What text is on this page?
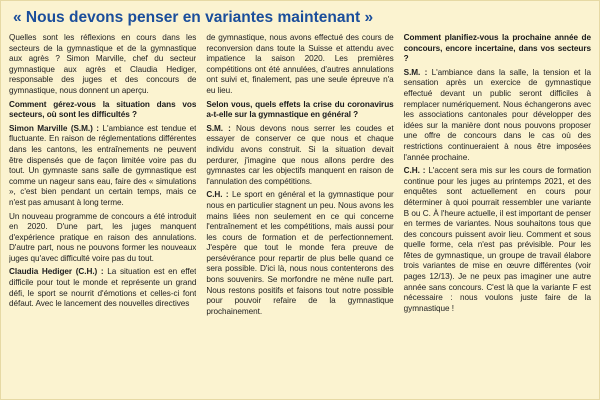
« Nous devons penser en variantes maintenant »

Quelles sont les réflexions en cours dans les secteurs de la gymnastique et de la gymnastique aux agrès ? Simon Marville, chef du secteur gymnastique aux agrès et Claudia Hediger, responsable des juges et des concours de gymnastique, nous donnent un aperçu.

Comment gérez-vous la situation dans vos secteurs, où sont les difficultés ?

Simon Marville (S.M.) : L'ambiance est tendue et fluctuante. En raison de réglementations différentes dans les cantons, les entraînements ne peuvent être dispensés que de façon limitée voire pas du tout. Un gymnaste sans salle de gymnastique est comme un nageur sans eau, faire des « simulations », c'est bien pendant un certain temps, mais ce n'est pas amusant à long terme.

Un nouveau programme de concours a été introduit en 2020. D'une part, les juges manquent d'expérience pratique en raison des annulations. D'autre part, nous ne pouvons former les nouveaux juges qu'avec difficulté voire pas du tout.

Claudia Hediger (C.H.) : La situation est en effet difficile pour tout le monde et représente un grand défi, le sport se nourrit d'émotions et celles-ci font défaut. Avec le lancement des nouvelles directives

de gymnastique, nous avons effectué des cours de reconversion dans toute la Suisse et attendu avec impatience la saison 2020. Les premières compétitions ont été annulées, d'autres annulations ont suivi et, finalement, pas une seule épreuve n'a eu lieu.

Selon vous, quels effets la crise du coronavirus a-t-elle sur la gymnastique en général ?

S.M. : Nous devons nous serrer les coudes et essayer de conserver ce que nous et chaque individu avons construit. Si la situation devait perdurer, j'imagine que nous allons perdre des gymnastes car les objectifs manquent en raison de l'annulation des compétitions.

C.H. : Le sport en général et la gymnastique pour nous en particulier stagnent un peu. Nous avons les mains liées non seulement en ce qui concerne l'entraînement et les compétitions, mais aussi pour les cours de formation et de perfectionnement. J'espère que tout le monde fera preuve de persévérance pour repartir de plus belle quand ce sera possible. D'ici là, nous nous contenterons des bons souvenirs. Se morfondre ne mène nulle part. Nous restons positifs et faisons tout notre possible pour pouvoir refaire de la gymnastique prochainement.

Comment planifiez-vous la prochaine année de concours, encore incertaine, dans vos secteurs ?

S.M. : L'ambiance dans la salle, la tension et la sensation après un exercice de gymnastique effectué devant un public seront difficiles à remplacer numériquement. Nous échangerons avec les associations cantonales pour développer des idées sur la manière dont nous pouvons proposer une offre de concours dans le cas où des restrictions continueraient à nous être imposées l'année prochaine.

C.H. : L'accent sera mis sur les cours de formation continue pour les juges au printemps 2021, et des enquêtes sont actuellement en cours pour déterminer à quoi pourrait ressembler une variante B ou C. À l'heure actuelle, il est important de penser en termes de variantes. Nous souhaitons tous que des concours puissent avoir lieu. Comment et sous quelle forme, cela n'est pas prévisible. Pour les fêtes de gymnastique, un groupe de travail élabore trois variantes de mise en œuvre différentes (voir pages 12/13). Je ne peux pas imaginer une autre année sans concours. C'est là que la variante F est nécessaire : nous voulons juste faire de la gymnastique !
